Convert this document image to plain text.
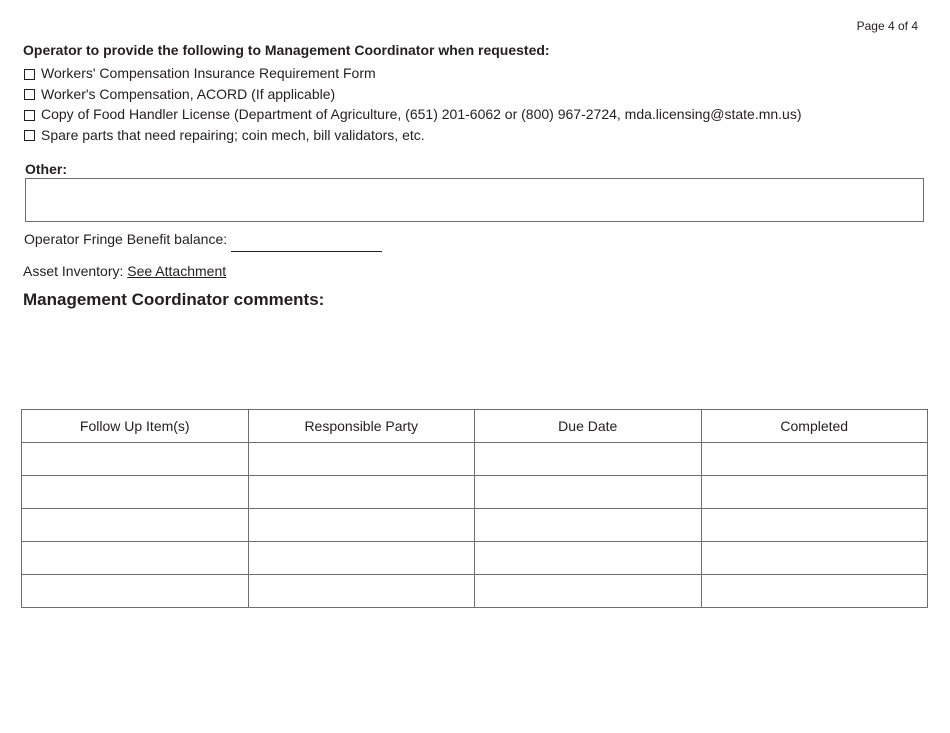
Page 4 of 4
Operator to provide the following to Management Coordinator when requested:
Workers' Compensation Insurance Requirement Form
Worker's Compensation, ACORD (If applicable)
Copy of Food Handler License (Department of Agriculture, (651) 201-6062 or (800) 967-2724, mda.licensing@state.mn.us)
Spare parts that need repairing; coin mech, bill validators, etc.
Other:
Operator Fringe Benefit balance:
Asset Inventory: See Attachment
Management Coordinator comments:
Follow Up Item(s)	Responsible Party	Due Date	Completed
